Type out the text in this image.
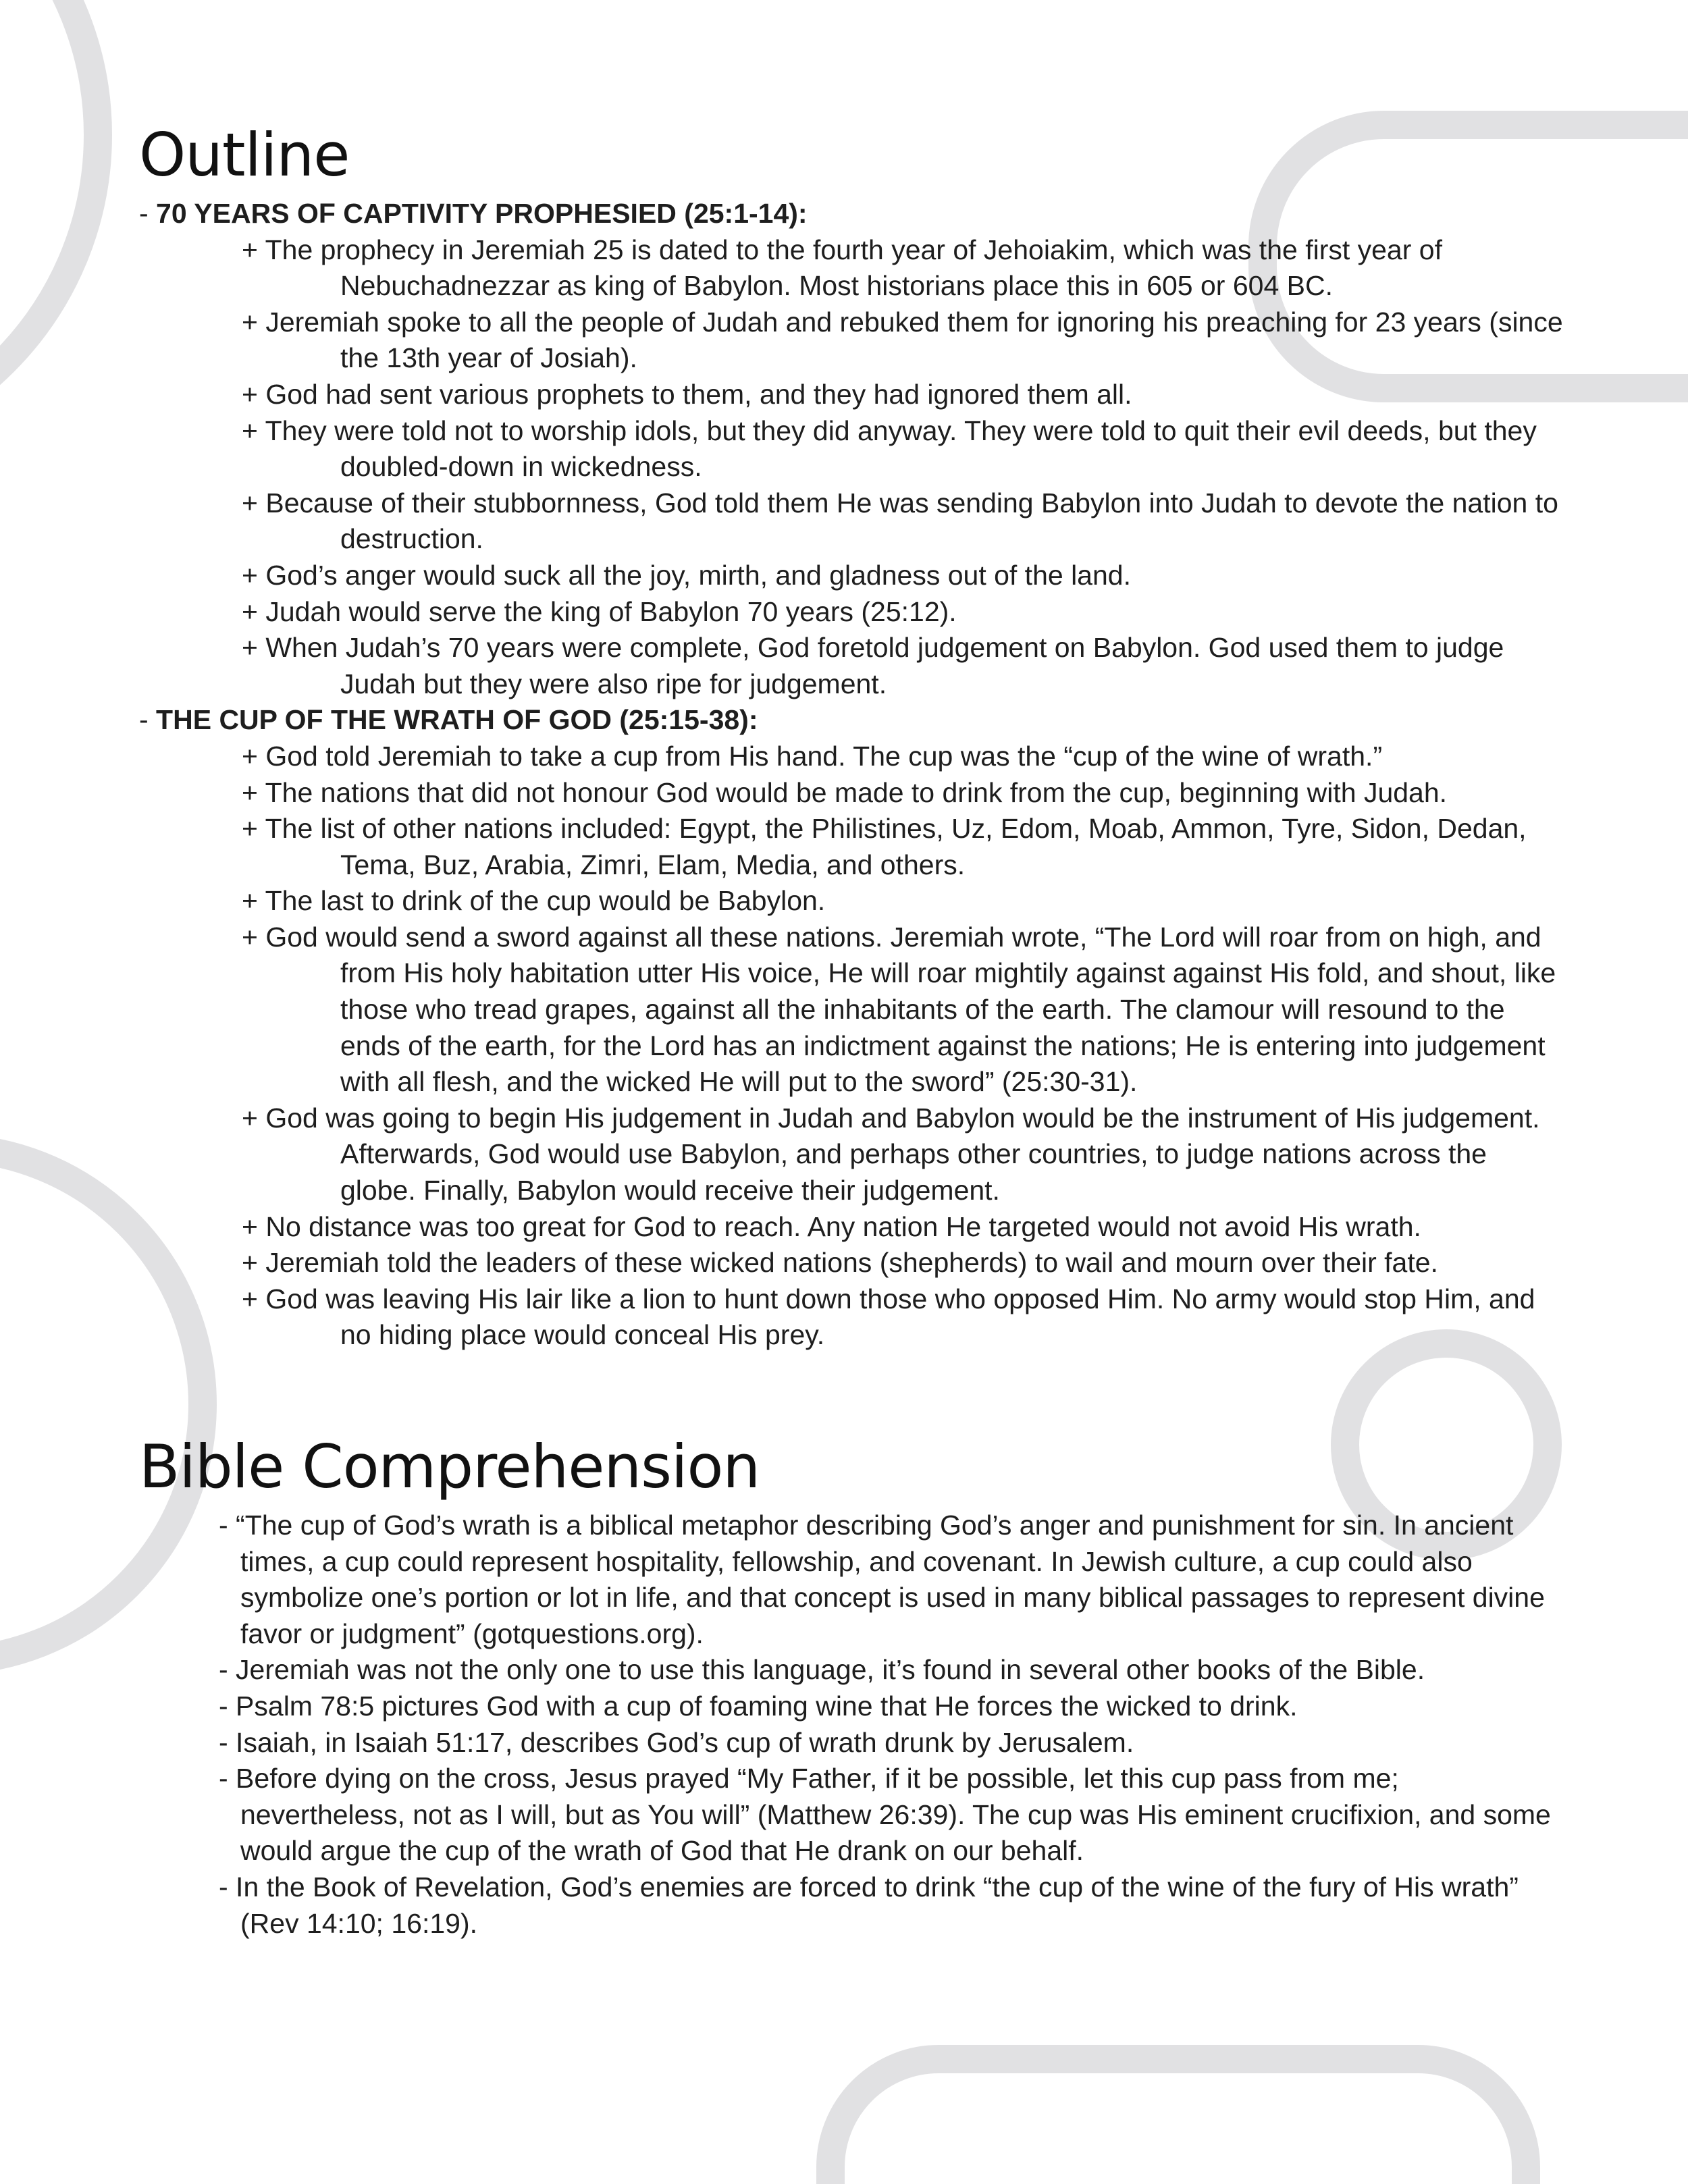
Outline
- 70 YEARS OF CAPTIVITY PROPHESIED (25:1-14):
+ The prophecy in Jeremiah 25 is dated to the fourth year of Jehoiakim, which was the first year of Nebuchadnezzar as king of Babylon. Most historians place this in 605 or 604 BC.
+ Jeremiah spoke to all the people of Judah and rebuked them for ignoring his preaching for 23 years (since the 13th year of Josiah).
+ God had sent various prophets to them, and they had ignored them all.
+ They were told not to worship idols, but they did anyway. They were told to quit their evil deeds, but they doubled-down in wickedness.
+ Because of their stubbornness, God told them He was sending Babylon into Judah to devote the nation to destruction.
+ God’s anger would suck all the joy, mirth, and gladness out of the land.
+ Judah would serve the king of Babylon 70 years (25:12).
+ When Judah’s 70 years were complete, God foretold judgement on Babylon. God used them to judge Judah but they were also ripe for judgement.
- THE CUP OF THE WRATH OF GOD (25:15-38):
+ God told Jeremiah to take a cup from His hand. The cup was the “cup of the wine of wrath.”
+ The nations that did not honour God would be made to drink from the cup, beginning with Judah.
+ The list of other nations included: Egypt, the Philistines, Uz, Edom, Moab, Ammon, Tyre, Sidon, Dedan, Tema, Buz, Arabia, Zimri, Elam, Media, and others.
+ The last to drink of the cup would be Babylon.
+ God would send a sword against all these nations. Jeremiah wrote, “The Lord will roar from on high, and from His holy habitation utter His voice, He will roar mightily against against His fold, and shout, like those who tread grapes, against all the inhabitants of the earth. The clamour will resound to the ends of the earth, for the Lord has an indictment against the nations; He is entering into judgement with all flesh, and the wicked He will put to the sword” (25:30-31).
+ God was going to begin His judgement in Judah and Babylon would be the instrument of His judgement. Afterwards, God would use Babylon, and perhaps other countries, to judge nations across the globe. Finally, Babylon would receive their judgement.
+ No distance was too great for God to reach. Any nation He targeted would not avoid His wrath.
+ Jeremiah told the leaders of these wicked nations (shepherds) to wail and mourn over their fate.
+ God was leaving His lair like a lion to hunt down those who opposed Him. No army would stop Him, and no hiding place would conceal His prey.
Bible Comprehension
- “The cup of God’s wrath is a biblical metaphor describing God’s anger and punishment for sin. In ancient times, a cup could represent hospitality, fellowship, and covenant. In Jewish culture, a cup could also symbolize one’s portion or lot in life, and that concept is used in many biblical passages to represent divine favor or judgment” (gotquestions.org).
- Jeremiah was not the only one to use this language, it’s found in several other books of the Bible.
- Psalm 78:5 pictures God with a cup of foaming wine that He forces the wicked to drink.
- Isaiah, in Isaiah 51:17, describes God’s cup of wrath drunk by Jerusalem.
- Before dying on the cross, Jesus prayed “My Father, if it be possible, let this cup pass from me; nevertheless, not as I will, but as You will” (Matthew 26:39). The cup was His eminent crucifixion, and some would argue the cup of the wrath of God that He drank on our behalf.
- In the Book of Revelation, God’s enemies are forced to drink “the cup of the wine of the fury of His wrath” (Rev 14:10; 16:19).
